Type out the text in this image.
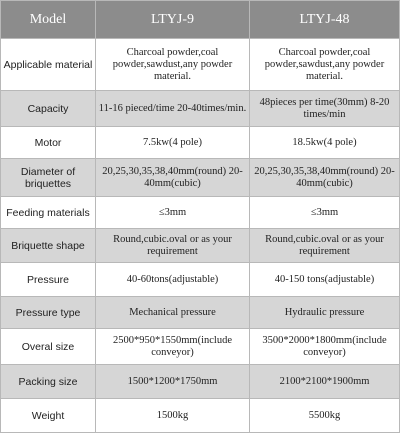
Model	LTYJ-9	LTYJ-48
Applicable material	Charcoal powder,coal powder,sawdust,any powder material.	Charcoal powder,coal powder,sawdust,any powder material.
Capacity	11-16 pieced/time 20-40times/min.	48pieces per time(30mm) 8-20 times/min
Motor	7.5kw(4 pole)	18.5kw(4 pole)
Diameter of briquettes	20,25,30,35,38,40mm(round) 20-40mm(cubic)	20,25,30,35,38,40mm(round) 20-40mm(cubic)
Feeding materials	≤3mm	≤3mm
Briquette shape	Round,cubic.oval or as your requirement	Round,cubic.oval or as your requirement
Pressure	40-60tons(adjustable)	40-150 tons(adjustable)
Pressure type	Mechanical pressure	Hydraulic pressure
Overal size	2500*950*1550mm(include conveyor)	3500*2000*1800mm(include conveyor)
Packing size	1500*1200*1750mm	2100*2100*1900mm
Weight	1500kg	5500kg
